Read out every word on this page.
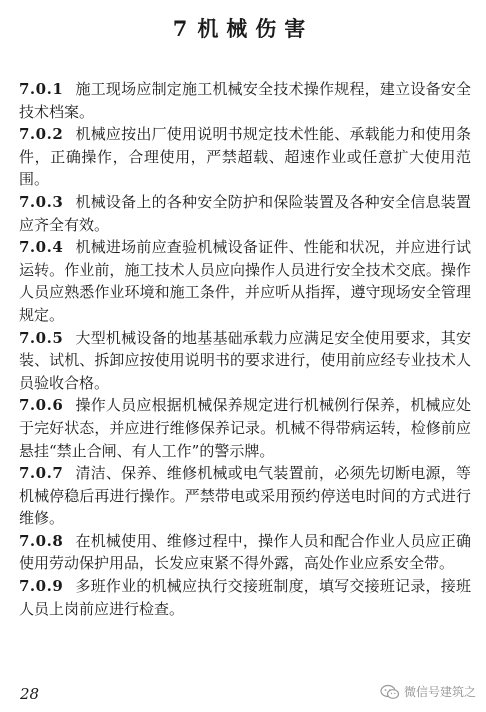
7 机械伤害

7.0.1 施工现场应制定施工机械安全技术操作规程，建立设备安全技术档案。

7.0.2 机械应按出厂使用说明书规定技术性能、承载能力和使用条件，正确操作，合理使用，严禁超载、超速作业或任意扩大使用范围。

7.0.3 机械设备上的各种安全防护和保险装置及各种安全信息装置应齐全有效。

7.0.4 机械进场前应查验机械设备证件、性能和状况，并应进行试运转。作业前，施工技术人员应向操作人员进行安全技术交底。操作人员应熟悉作业环境和施工条件，并应听从指挥，遵守现场安全管理规定。

7.0.5 大型机械设备的地基基础承载力应满足安全使用要求，其安装、试机、拆卸应按使用说明书的要求进行，使用前应经专业技术人员验收合格。

7.0.6 操作人员应根据机械保养规定进行机械例行保养，机械应处于完好状态，并应进行维修保养记录。机械不得带病运转，检修前应悬挂“禁止合闸、有人工作”的警示牌。

7.0.7 清洁、保养、维修机械或电气装置前，必须先切断电源，等机械停稳后再进行操作。严禁带电或采用预约停送电时间的方式进行维修。

7.0.8 在机械使用、维修过程中，操作人员和配合作业人员应正确使用劳动保护用品，长发应束紧不得外露，高处作业应系安全带。

7.0.9 多班作业的机械应执行交接班制度，填写交接班记录，接班人员上岗前应进行检查。

28	微信号建筑之
